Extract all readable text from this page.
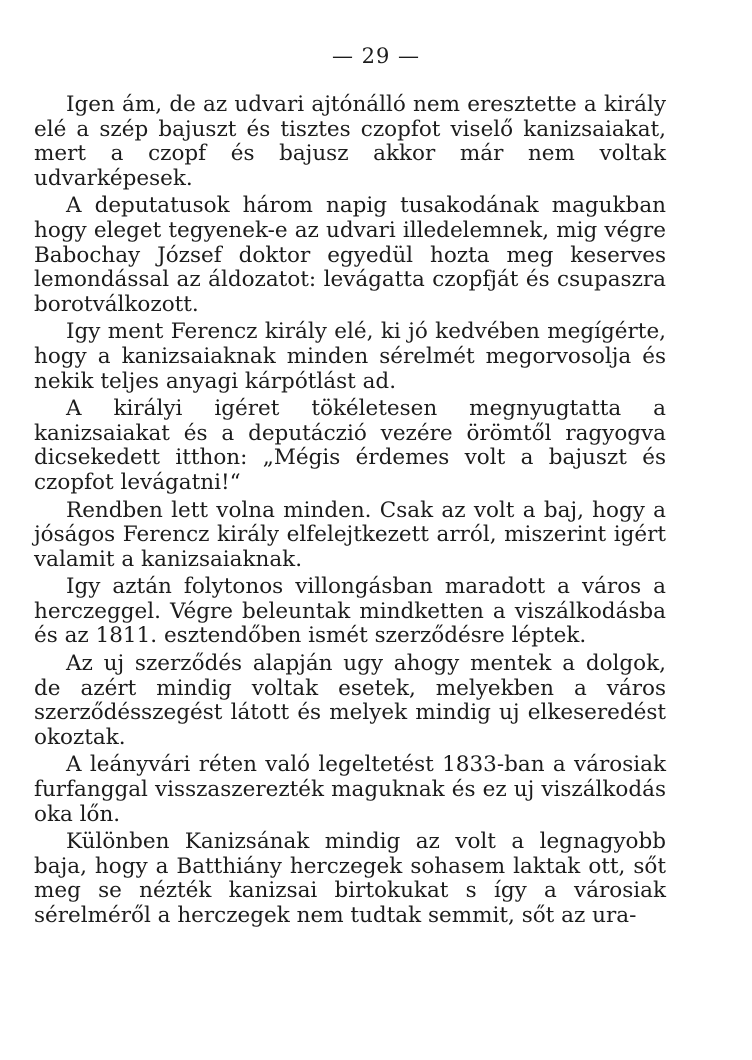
— 29 —

Igen ám, de az udvari ajtónálló nem eresztette a király elé a szép bajuszt és tisztes czopfot viselő kanizsaiakat, mert a czopf és bajusz akkor már nem voltak udvarképesek.

A deputatusok három napig tusakodának magukban hogy eleget tegyenek-e az udvari illedelemnek, mig végre Babochay József doktor egyedül hozta meg keserves lemondással az áldozatot: levágatta czopfját és csupaszra borotválkozott.

Igy ment Ferencz király elé, ki jó kedvében megígérte, hogy a kanizsaiaknak minden sérelmét megorvosolja és nekik teljes anyagi kárpótlást ad.

A királyi igéret tökéletesen megnyugtatta a kanizsaiakat és a deputáczió vezére örömtől ragyogva dicsekedett itthon: „Mégis érdemes volt a bajuszt és czopfot levágatni!“

Rendben lett volna minden. Csak az volt a baj, hogy a jóságos Ferencz király elfelejtkezett arról, miszerint igért valamit a kanizsaiaknak.

Igy aztán folytonos villongásban maradott a város a herczeggel. Végre beleuntak mindketten a viszálkodásba és az 1811. esztendőben ismét szerződésre léptek.

Az uj szerződés alapján ugy ahogy mentek a dolgok, de azért mindig voltak esetek, melyekben a város szerződésszegést látott és melyek mindig uj elkeseredést okoztak.

A leányvári réten való legeltetést 1833-ban a városiak furfanggal visszaszerezték maguknak és ez uj viszálkodás oka lőn.

Különben Kanizsának mindig az volt a legnagyobb baja, hogy a Batthiány herczegek sohasem laktak ott, sőt meg se nézték kanizsai birtokukat s így a városiak sérelméről a herczegek nem tudtak semmit, sőt az ura-
